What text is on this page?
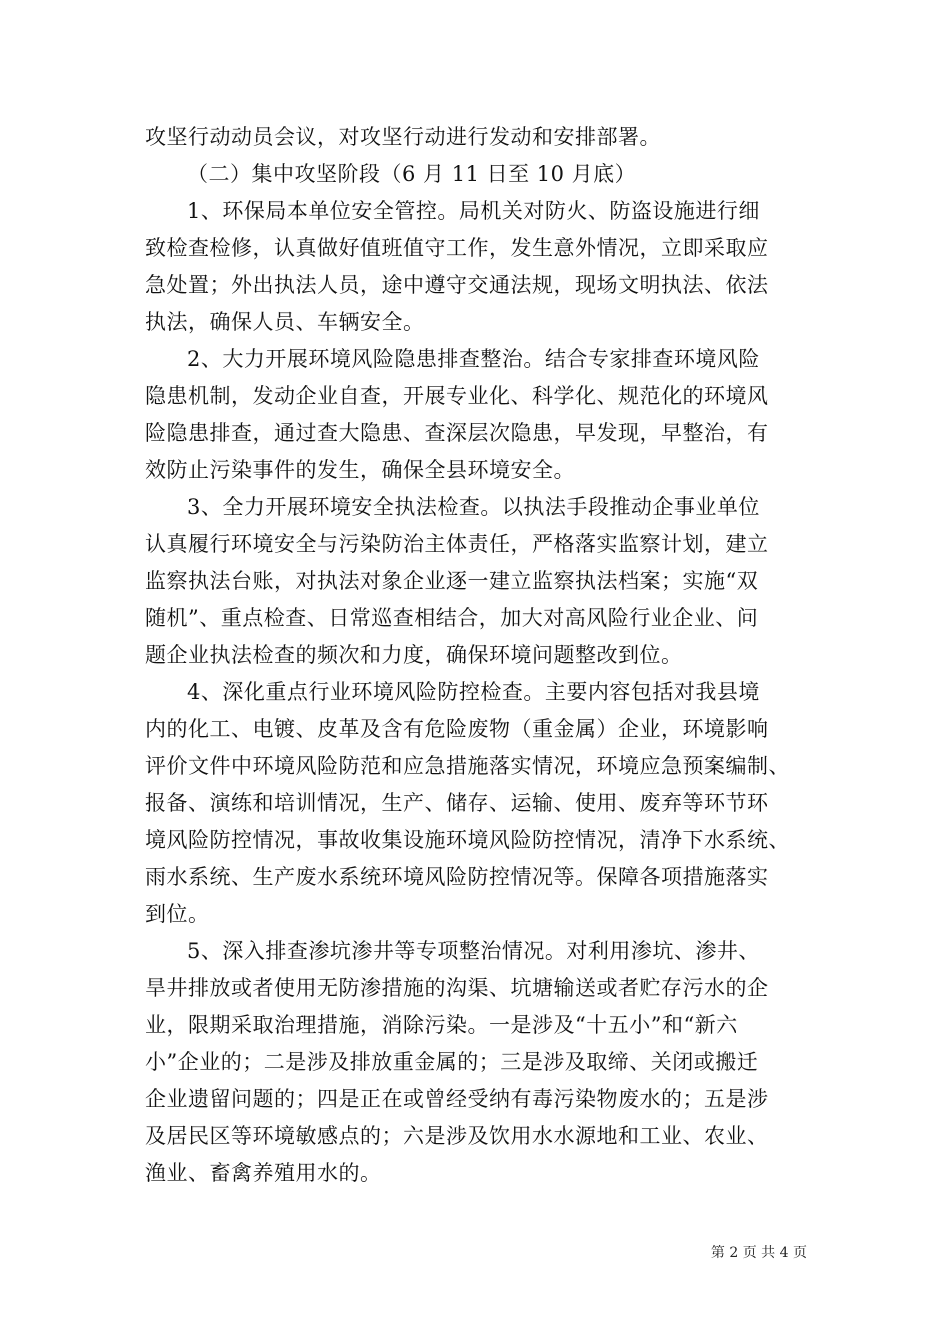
攻坚行动动员会议，对攻坚行动进行发动和安排部署。
（二）集中攻坚阶段（6 月 11 日至 10 月底）
1、环保局本单位安全管控。局机关对防火、防盗设施进行细
致检查检修，认真做好值班值守工作，发生意外情况，立即采取应
急处置；外出执法人员，途中遵守交通法规，现场文明执法、依法
执法，确保人员、车辆安全。
2、大力开展环境风险隐患排查整治。结合专家排查环境风险
隐患机制，发动企业自查，开展专业化、科学化、规范化的环境风
险隐患排查，通过查大隐患、查深层次隐患，早发现，早整治，有
效防止污染事件的发生，确保全县环境安全。
3、全力开展环境安全执法检查。以执法手段推动企事业单位
认真履行环境安全与污染防治主体责任，严格落实监察计划，建立
监察执法台账，对执法对象企业逐一建立监察执法档案；实施“双
随机”、重点检查、日常巡查相结合，加大对高风险行业企业、问
题企业执法检查的频次和力度，确保环境问题整改到位。
4、深化重点行业环境风险防控检查。主要内容包括对我县境
内的化工、电镀、皮革及含有危险废物（重金属）企业，环境影响
评价文件中环境风险防范和应急措施落实情况，环境应急预案编制、
报备、演练和培训情况，生产、储存、运输、使用、废弃等环节环
境风险防控情况，事故收集设施环境风险防控情况，清净下水系统、
雨水系统、生产废水系统环境风险防控情况等。保障各项措施落实
到位。
5、深入排查渗坑渗井等专项整治情况。对利用渗坑、渗井、
旱井排放或者使用无防渗措施的沟渠、坑塘输送或者贮存污水的企
业，限期采取治理措施，消除污染。一是涉及“十五小”和“新六
小”企业的；二是涉及排放重金属的；三是涉及取缔、关闭或搬迁
企业遗留问题的；四是正在或曾经受纳有毒污染物废水的；五是涉
及居民区等环境敏感点的；六是涉及饮用水水源地和工业、农业、
渔业、畜禽养殖用水的。
第 2 页 共 4 页
